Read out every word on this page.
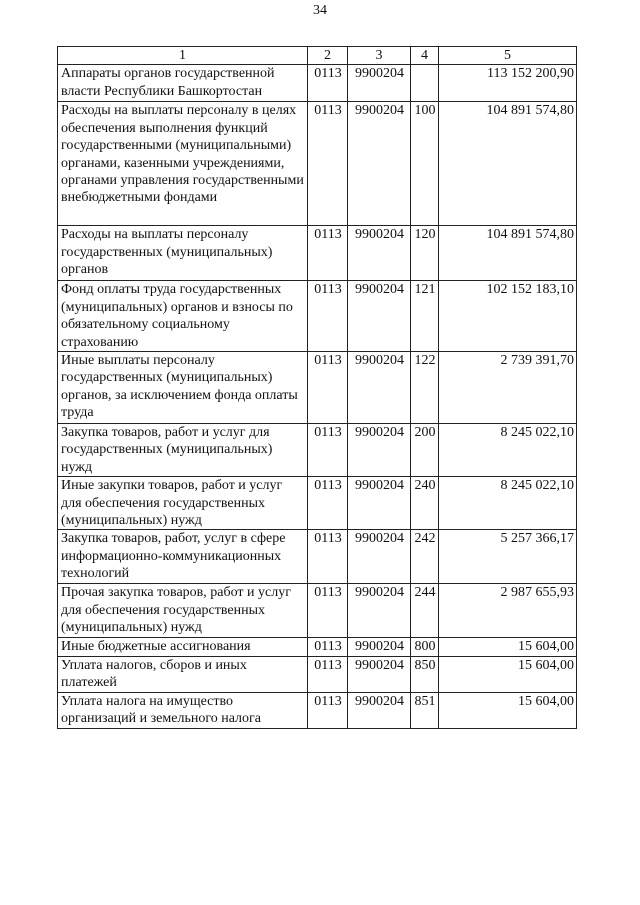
34
1	2	3	4	5
Аппараты органов государственной власти Республики Башкортостан	0113	9900204		113 152 200,90
Расходы на выплаты персоналу в целях обеспечения выполнения функций государственными (муниципальными) органами, казенными учреждениями, органами управления государственными внебюджетными фондами	0113	9900204	100	104 891 574,80
Расходы на выплаты персоналу государственных (муниципальных) органов	0113	9900204	120	104 891 574,80
Фонд оплаты труда государственных (муниципальных) органов и взносы по обязательному социальному страхованию	0113	9900204	121	102 152 183,10
Иные выплаты персоналу государственных (муниципальных) органов, за исключением фонда оплаты труда	0113	9900204	122	2 739 391,70
Закупка товаров, работ и услуг для государственных (муниципальных) нужд	0113	9900204	200	8 245 022,10
Иные закупки товаров, работ и услуг для обеспечения государственных (муниципальных) нужд	0113	9900204	240	8 245 022,10
Закупка товаров, работ, услуг в сфере информационно-коммуникационных технологий	0113	9900204	242	5 257 366,17
Прочая закупка товаров, работ и услуг для обеспечения государственных (муниципальных) нужд	0113	9900204	244	2 987 655,93
Иные бюджетные ассигнования	0113	9900204	800	15 604,00
Уплата налогов, сборов и иных платежей	0113	9900204	850	15 604,00
Уплата налога на имущество организаций и земельного налога	0113	9900204	851	15 604,00
